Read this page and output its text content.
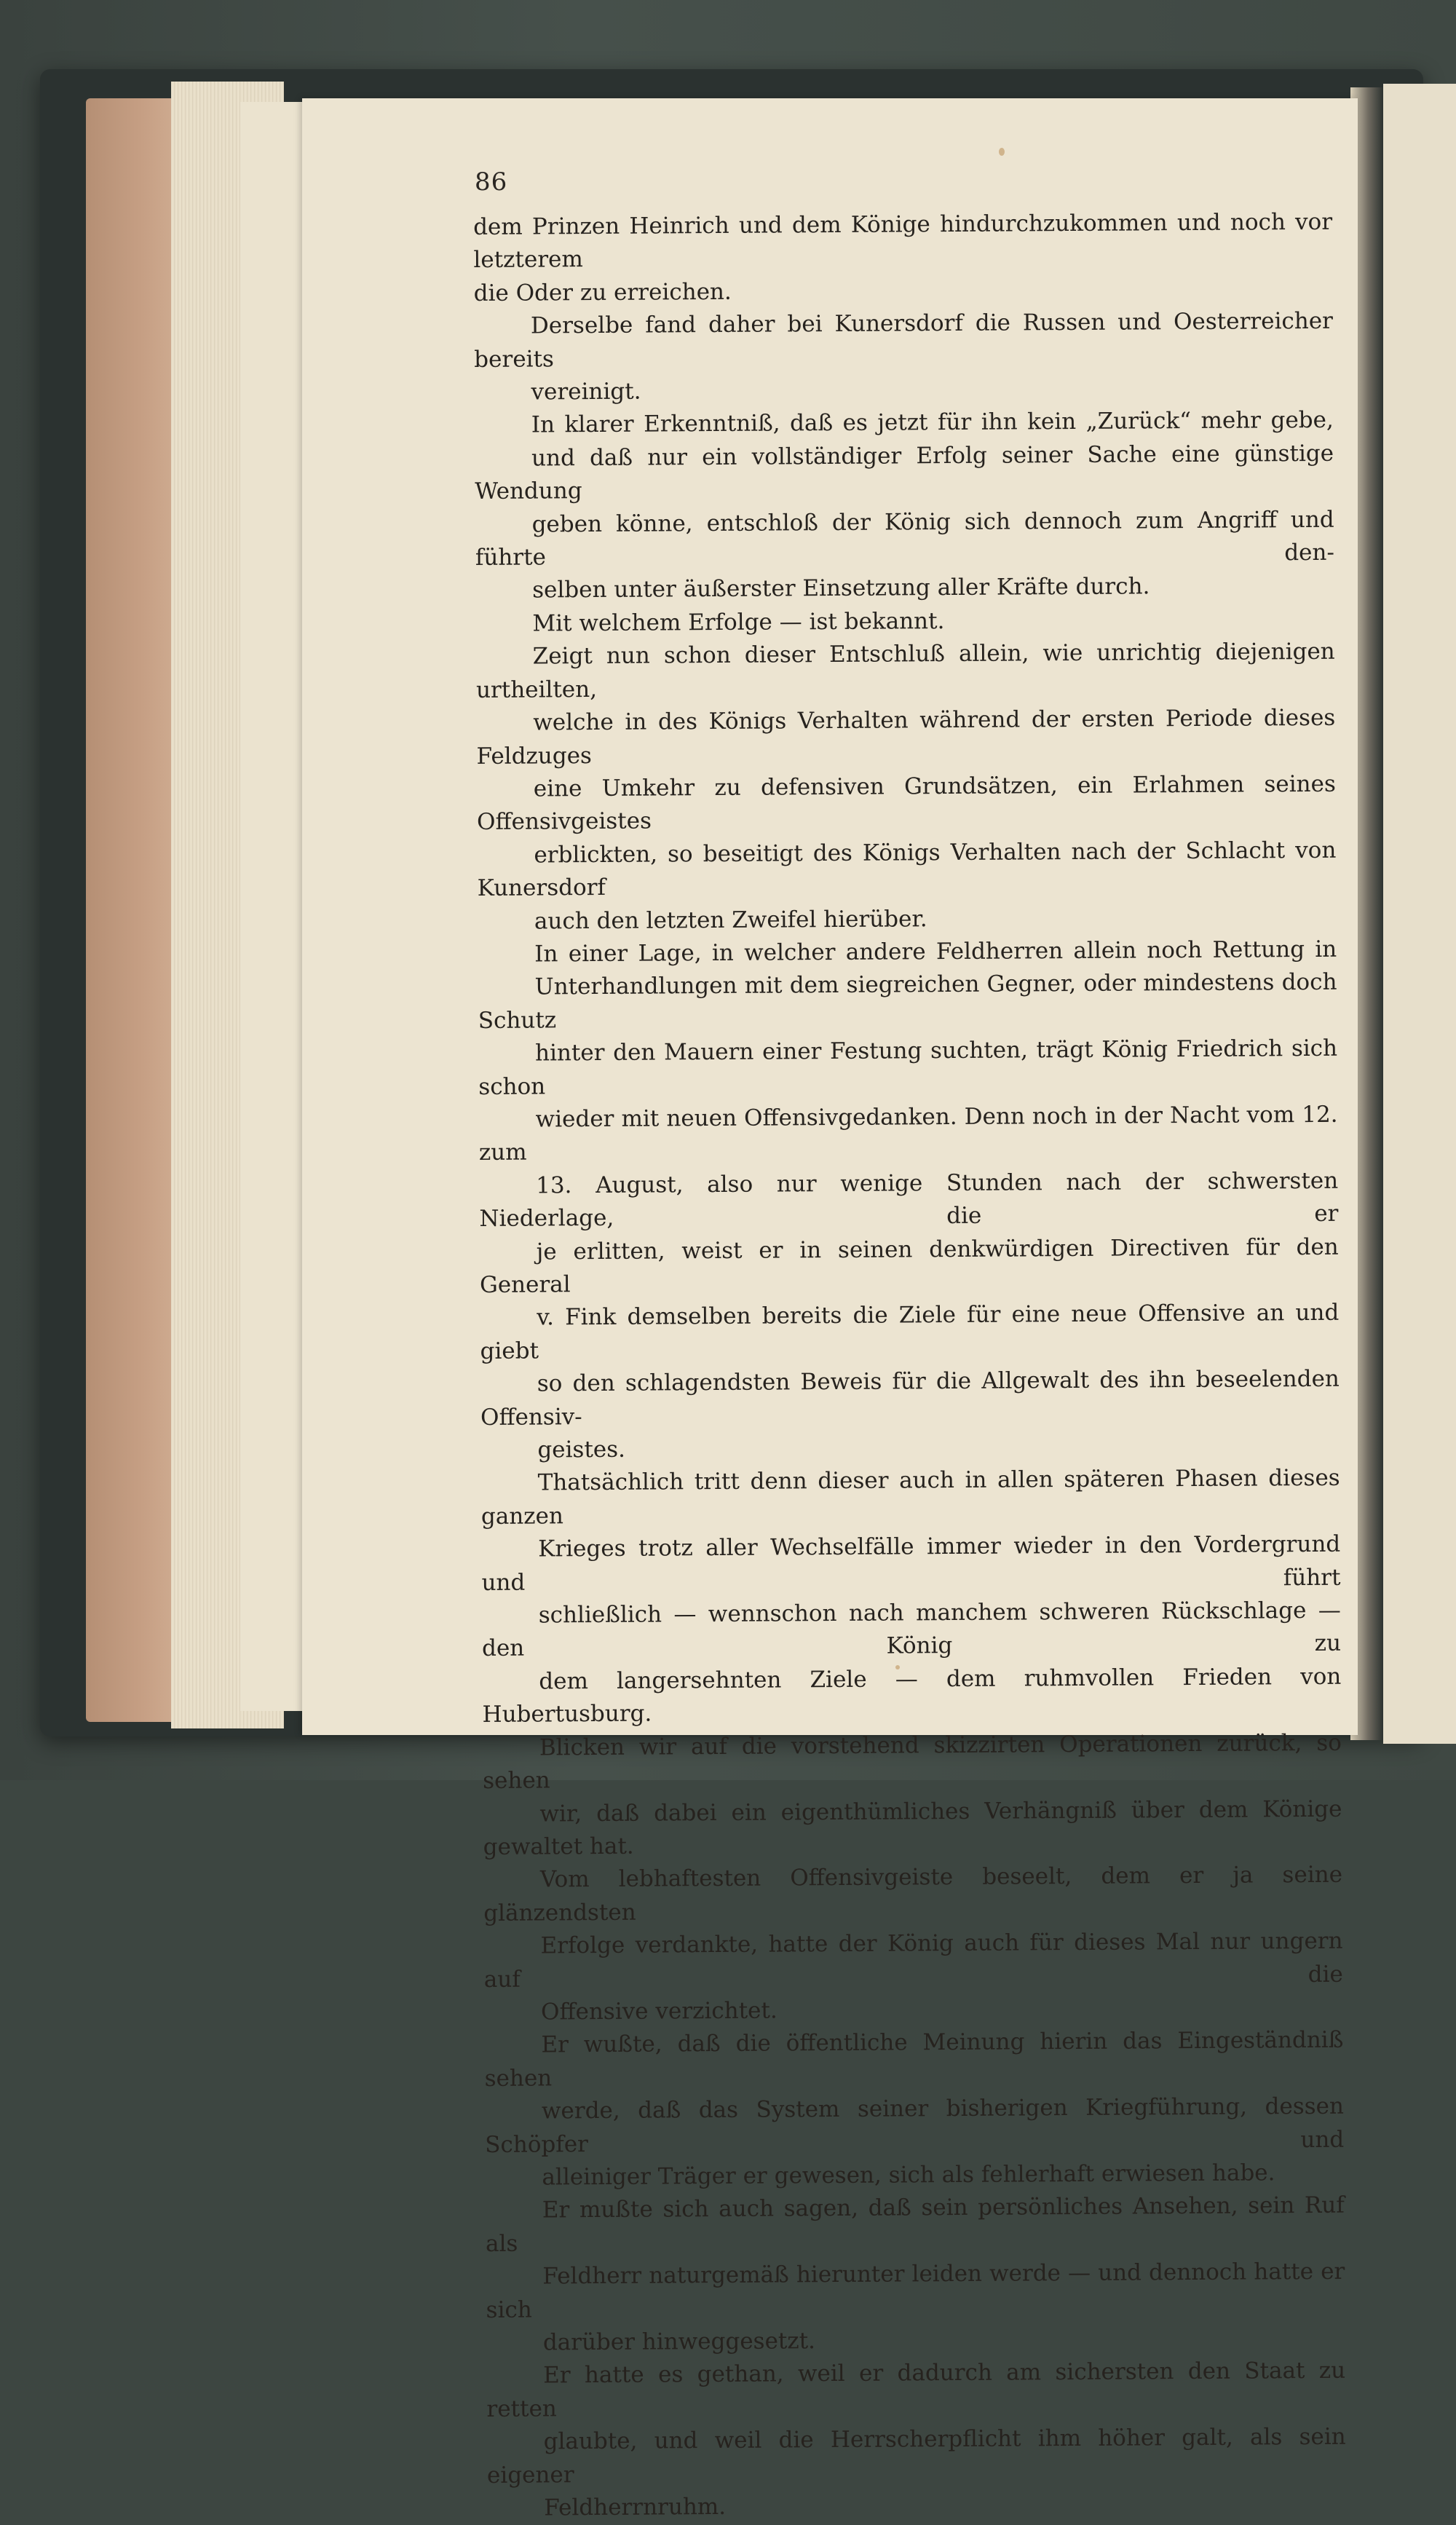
86

dem Prinzen Heinrich und dem Könige hindurchzukommen und noch vor letzterem
die Oder zu erreichen.

Derselbe fand daher bei Kunersdorf die Russen und Oesterreicher bereits
vereinigt.

In klarer Erkenntniß, daß es jetzt für ihn kein „Zurück“ mehr gebe,
und daß nur ein vollständiger Erfolg seiner Sache eine günstige Wendung
geben könne, entschloß der König sich dennoch zum Angriff und führte den-
selben unter äußerster Einsetzung aller Kräfte durch.

Mit welchem Erfolge — ist bekannt.

Zeigt nun schon dieser Entschluß allein, wie unrichtig diejenigen urtheilten,
welche in des Königs Verhalten während der ersten Periode dieses Feldzuges
eine Umkehr zu defensiven Grundsätzen, ein Erlahmen seines Offensivgeistes
erblickten, so beseitigt des Königs Verhalten nach der Schlacht von Kunersdorf
auch den letzten Zweifel hierüber.

In einer Lage, in welcher andere Feldherren allein noch Rettung in
Unterhandlungen mit dem siegreichen Gegner, oder mindestens doch Schutz
hinter den Mauern einer Festung suchten, trägt König Friedrich sich schon
wieder mit neuen Offensivgedanken. Denn noch in der Nacht vom 12. zum
13. August, also nur wenige Stunden nach der schwersten Niederlage, die er
je erlitten, weist er in seinen denkwürdigen Directiven für den General
v. Fink demselben bereits die Ziele für eine neue Offensive an und giebt
so den schlagendsten Beweis für die Allgewalt des ihn beseelenden Offensiv-
geistes.

Thatsächlich tritt denn dieser auch in allen späteren Phasen dieses ganzen
Krieges trotz aller Wechselfälle immer wieder in den Vordergrund und führt
schließlich — wennschon nach manchem schweren Rückschlage — den König zu
dem langersehnten Ziele — dem ruhmvollen Frieden von Hubertusburg.

Blicken wir auf die vorstehend skizzirten Operationen zurück, so sehen
wir, daß dabei ein eigenthümliches Verhängniß über dem Könige gewaltet hat.

Vom lebhaftesten Offensivgeiste beseelt, dem er ja seine glänzendsten
Erfolge verdankte, hatte der König auch für dieses Mal nur ungern auf die
Offensive verzichtet.

Er wußte, daß die öffentliche Meinung hierin das Eingeständniß sehen
werde, daß das System seiner bisherigen Kriegführung, dessen Schöpfer und
alleiniger Träger er gewesen, sich als fehlerhaft erwiesen habe.

Er mußte sich auch sagen, daß sein persönliches Ansehen, sein Ruf als
Feldherr naturgemäß hierunter leiden werde — und dennoch hatte er sich
darüber hinweggesetzt.

Er hatte es gethan, weil er dadurch am sichersten den Staat zu retten
glaubte, und weil die Herrscherpflicht ihm höher galt, als sein eigener
Feldherrnruhm.
